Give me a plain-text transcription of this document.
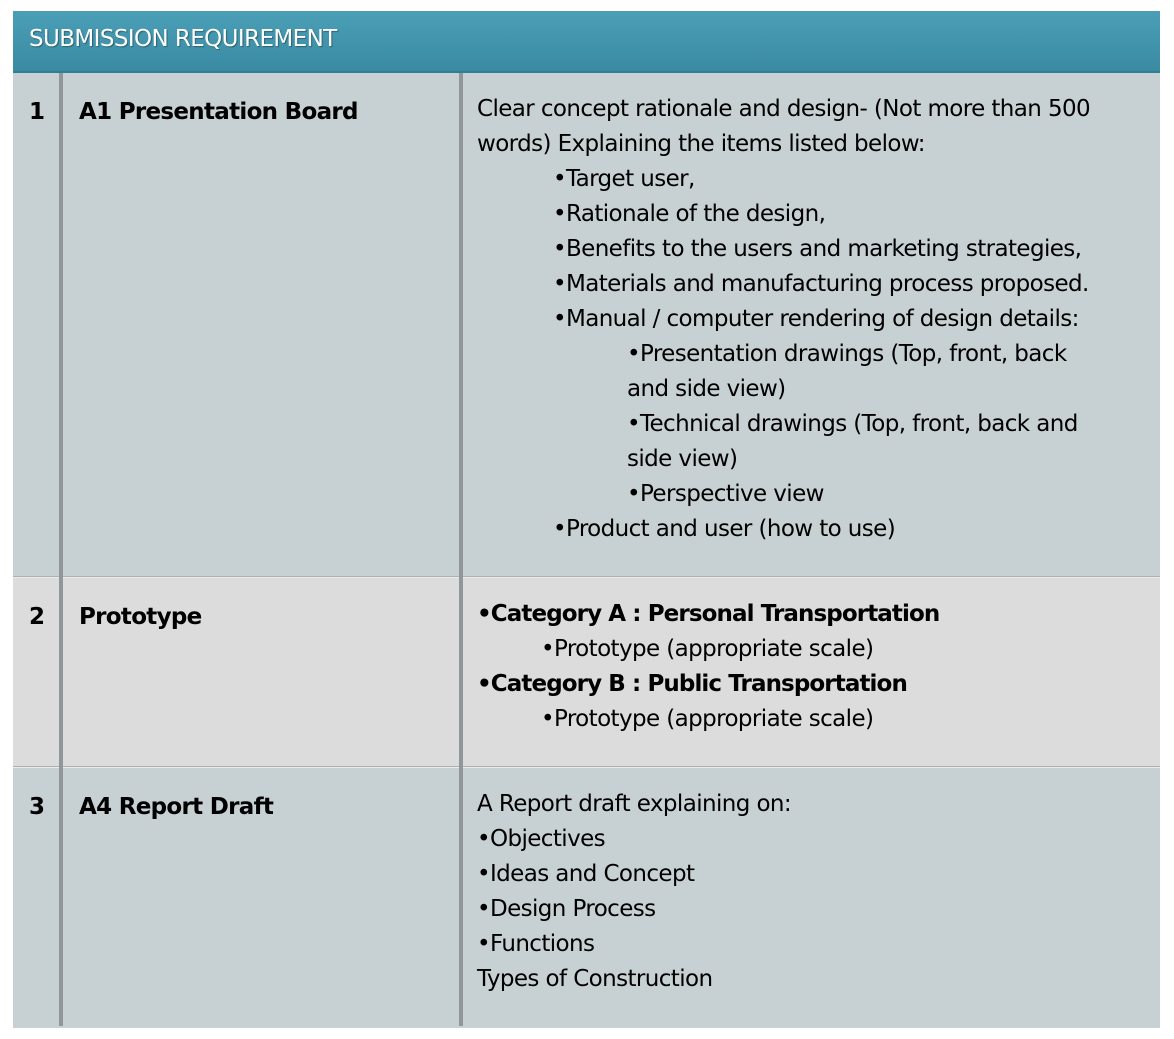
SUBMISSION REQUIREMENT
1 A1 Presentation Board	Clear concept rationale and design- (Not more than 500
words) Explaining the items listed below:
•Target user,
•Rationale of the design,
•Benefits to the users and marketing strategies,
•Materials and manufacturing process proposed.
•Manual / computer rendering of design details:
•Presentation drawings (Top, front, back
and side view)
•Technical drawings (Top, front, back and
side view)
•Perspective view
•Product and user (how to use)
2 Prototype	•Category A : Personal Transportation
•Prototype (appropriate scale)
•Category B : Public Transportation
•Prototype (appropriate scale)
3 A4 Report Draft	A Report draft explaining on:
•Objectives
•Ideas and Concept
•Design Process
•Functions
Types of Construction
